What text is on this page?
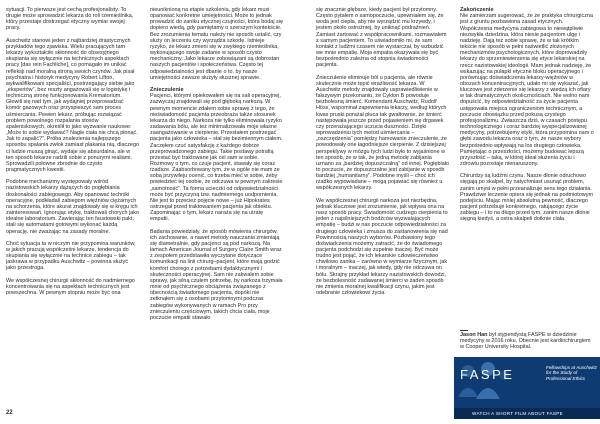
sytuacji. To pierwsze jest cechą profesjonalisty. To drugie może sprowadzić lekarza do roli rzemieślnika, który przestaje dostrzegać etyczny wymiar swojej pracy.

Auschwitz stanowi jeden z najbardziej drastycznych przykładów tego zjawiska. Wielu pracujących tam lekarzy wykształciło skłonność do obsesyjnego skupiania się wyłącznie na technicznych aspektach pracy [das rein Fachliche], co pomagało im unikać refleksji nad moralną stroną swoich czynów. Jak pisał psychiatra i historyk medycyny Robert Lifton, wykwalifikowani specjaliści, postrzegający siebie jako „ekspertów”, bez reszty angażowali się w logistykę i techniczną stronę funkcjonowania Krematorium. Głowili się nad tym, jak wydajniej przeprowadzać komór gazowych oraz przyspieszyć sam proces uśmiercania. Pewien lekarz, próbując rozwiązać problem powolnego rozpalania stosów spaleniskowych, określił to jako wyzwanie naukowe: „Może to sobie wydawać? Nagie ciała nie chcą płonąć. Jak to zapalić?”. Próba znalezienia najlepszego sposobu spalania zwłok zamiast płakania nią, dlaczego ci ludzie muszą ginąć, wydaje się absurdalna, ale w ten sposób lekarze radzili sobie z ponurymi realiami. Sprowadzili połowne zbrodnie do czysto pragmatycznych kwestii.

Podobne mechanizmy występowały wśród nazistowskich lekarzy dążących do pogłębiania doskonałości zabiegowego. Aby opanować techniki operacyjne, podkładali zabiegom więźniów ciężarnych na schorzenia, które akurat znajdowały się w kręgu ich zainteresowań. Ignorując etykę, traktowali chorych jako idealne laboratorium. Zawierając ten faustowski pakt, stali się automatami gotowymi wykonać każdą operację, nie zważając na zasady moralne.

Choć sytuacja ta w niczym nie przypomina warunków, w jakich pracują współcześni lekarze, tendencja do skupiania się wyłącznie na technice zabiegu – tak jaskrawa w przypadku Auschwitz – powinna służyć jako przestroga.

We współczesnej chirurgii skłonność do nadmiernego koncentrowania się na aspektach technicznych jest powszechna. W pewnym stopniu może być ona

nieuniknioną na etapie szkolenia, gdy lekarz musi opanować konkretne umiejętności. Może to jednak prowadzić do zaniku etycznej czujności, która bodaj się dopiero wiedą, gdy pamiętamy o szerszym kontekście. Bez zrozumienia tematu należy nie sposób ustalić, czy służy on leczeniu czy wyrządza szkodę. Istnieje ryzyko, że lekarz zmieni się w zwykłego rzemieślnika, wykonującego swoje zadanie w sposób czysto mechaniczny. Jako lekarze zobowiązani są dobrostan naszych pacjentów i społeczeństwa. Często tej odpowiedzialności jest dbanie o to, by nasze umiejętności zawsze służyły słusznej sprawie.

Znieczulenie

Pacjenci, którymi opiekowałem się na sali operacyjnej, zazwyczaj znajdowali się pod głęboką narkozą. W pewnym momencie zdałem sobie sprawę z tego, że nieświadomość pacjenta przeobraża także stosunek lekarza do niego. Narkoza nie tylko eliminowała ryzyko zadawania bólu, ale też minimalizowała moje własne zaangażowanie w cierpienie. Przestałem postrzegać pacjenta jako człowieka – stał się bezimiennym ciałem. Zaczęłem czuć satysfakcję z każdego dobrze przeprowadzonego zabiegu. Takie postawy potrafią przestać być traktowane jak cel sam w sobie. Rozmowy o tym, co czuje pacjent, stawały się coraz rzadsze. Zaabsorbowany tym, że w ogóle nie mam ze sobą przywileju ocenić, co trzeba mieć w sobie, żeby powiedzieć tej osobie, że odczuwa w pewnym zakresie „samotność”. Ta forma ucieczki od odpowiedzialności może być przyczyną tzw. nadmiernego uodpornienia. Nie jest to przecież pojęcie nowe – już Hipokrates ostrzegał przed traktowaniem pacjenta jak obiektu. Zapominając o tym, lekarz naraża się na utratę empatii.

Badania powiedziały, że sposób mówienia chirurgów, ich zachowanie, a nawet metody nauczania zmieniają się diametralnie, gdy pacjenci są pod narkozą. Na łamach American Journal of Surgery Claire Smith wraz z zespołem przedstawiła wyczytane dotyczące komunikacji na linii chirurg–pacjent, które mają godzić komfort chorego z potrzebami dydaktycznymi i skuteczności operacyjnej. Sam nie zakwalem sobie sprawy, jak silną czułem potrzebę, by narkoza trzymała mnie od psychicznego obciążenia związanego z obecnością świadomego pacjenta, dopóki nie zetknąłem się z osobami przytomnymi podczas zabiegów wykonywanych w ramach Pro przy znieczuleniu częściowym, takich chcia ciała, moje poczucie empatii stawało

się znacznie głębsze, kiedy pacjent był przytomny. Często pytałem o samopoczucie, upewniałem się, że woda jest ciepła, aby nie wyrządzić mu krzywdy, i jestem około ostrożniej, by uniknąć podrażnień. Zamiast żartować z współpracownikami, rozmawiałem z samym pacjentem. To uświadomiło mi, że sam kontakt z ludźmi czasem nie wystarczał, by wzbudzić we mnie empatię. Moja empatia okazywała się być bezpośrednio zależna od stopnia świadomości pacjenta.

Znieczulenie eliminuje ból u pacjenta, ale równie skutecznie może tępić wrażliwość lekarza. W Auschwitz metody znajdowały usprawiedliwienie w fałszywym przekonaniu, że Cyklon B powoduje bezbolesną śmierć. Komendant Auschwitz, Rudolf Höss, wspominał zapewnienia lekarzy, według których kwas pruski porażał płuca tak gwałtownie, że śmierć następowała jeszcze przed pojawieniem się drgawek czy przerażającego uczucia duszności. Dzięki wprowadzeniu tych metod uśmiercania – „oszczędzenia” pomiędzy hamowanie znieczulenie, że powodowały one łagodniejsze cierpienie. Z dzisiejszej perspektywy w mózgu tych ludzi było to wyjaśnione w ten sposób, że w tak, że jedną metodę zabijania uznano za „bardziej dopuszczalną” od innej. Pogłębiało to poczucie, że dopuszczalne jest zabijanie w sposób bardziej „humanitarny”. Podobne myśli – choć ich rzadko wypowiadane – mogą pojawiać się również u współczesnych lekarzy.

We współczesnej chirurgii narkoza jest niezbędna, jednak kluczowe jest zrozumienie, jak wpływa ona na nasz sposób pracy. Świadomość cudzego cierpienia to jeden z najsilniejszych bodźców wyzwalających empatię – budzi w nas poczucie odpowiedzialności za drugiego człowieka i zmusza do zastanowienia się nad Powinnością naszych wyborów. Pozbawiony tego doświadczenia możemy zatracić, że do świadomego pacjenta podchodzi się zupełnie inaczej. Być może trudno jest pojąć, że ich lekarskie człowieczeństwo chwilowo zanika – zarówno w wymiarze fizycznym, jak i moralnym – inaczej, jak wtedy, gdy nie odczuwa on bólu. Skrajny przykład lekarzy nazistowskich dowodzi, że bezbolesność zadawanej śmierci w żaden sposób nie zmienia moralnej kwalifikacji czynu, jakim jest odebranie człowiekowi życia.

Zakończenie

Nie zamierzam sugerować, że że praktyka chirurgiczna jest z gruntu pozbawiona zasad etycznych. Współczesna medycyna zabiegowa to niewątpliwie niezwykła dziedzina, która niesie pacjentom ulgę i nadzieję. Dają też sobie sprawę, że w tak krótkim tekście nie sposób w pełni naświetlić złożonych mechanizmów psychologicznych, które doprowadziły lekarzy do sprzeniewierzenia się etyce lekarskiej na rzecz nazistowskiej ideologii. Mam jednak nadzieję, że wskazując na pułapki etyczne bloku operacyjnego i porównując doświadczenia lekarzy-więźniów w obozach koncentracyjnych, udało mi się wykazać, jak kluczowe jest zderzenie się lekarzy z wiedzą ich ofiary w tak dramatycznych okolicznościach. Nie wolno nam dopuścić, by odpowiedzialność za życie pacjenta ustępowała miejsca ograniczeniom technicznym, a poczucie obowiązku przed pokusą czystego profesjonalizmu. Zwłaszcza dziś, w czasach postępu technologicznego i coraz bardziej wyspecjalizowanej medycyny, potrzebujemy etyki, która przypomina nam o głębi zawodu lekarza oraz o tym, że nasze wybory bezpośrednio wpływają na los drugiego człowieka. Pamiętając o przeszłości, możemy budować lepszą przyszłość – taką, w której ideał służenia życiu i zdrowiu pozostaje nienaruszony.

Chirurdzy są ludźmi czynu. Nasze dłonie odruchowo sięgają po skalpel, by natychmiast usunąć problem, zanim umysł w pełni przeanalizuje sens tego działania. Prawdziwe leczenie opiera się jednak na podmiotowym podejściu. Mając mniej absolutną pewność, dlaczego pacjent potrzebuje konkretnego, ratującego życie zabiegu – i to na długo przed tym, zanim nasze dłonie sięgną kiedyś, a ostra skalpeli dotknie ciała.

Jason Han był stypendystą FASPE w dziedzinie medycyny w 2016 roku. Obecnie jest kardiochirurgiem w Cooper University Hospital.
FASPE	Fellowships at Auschwitz for the Study of Professional Ethics
WATCH A SHORT FILM ABOUT FASPE
22
